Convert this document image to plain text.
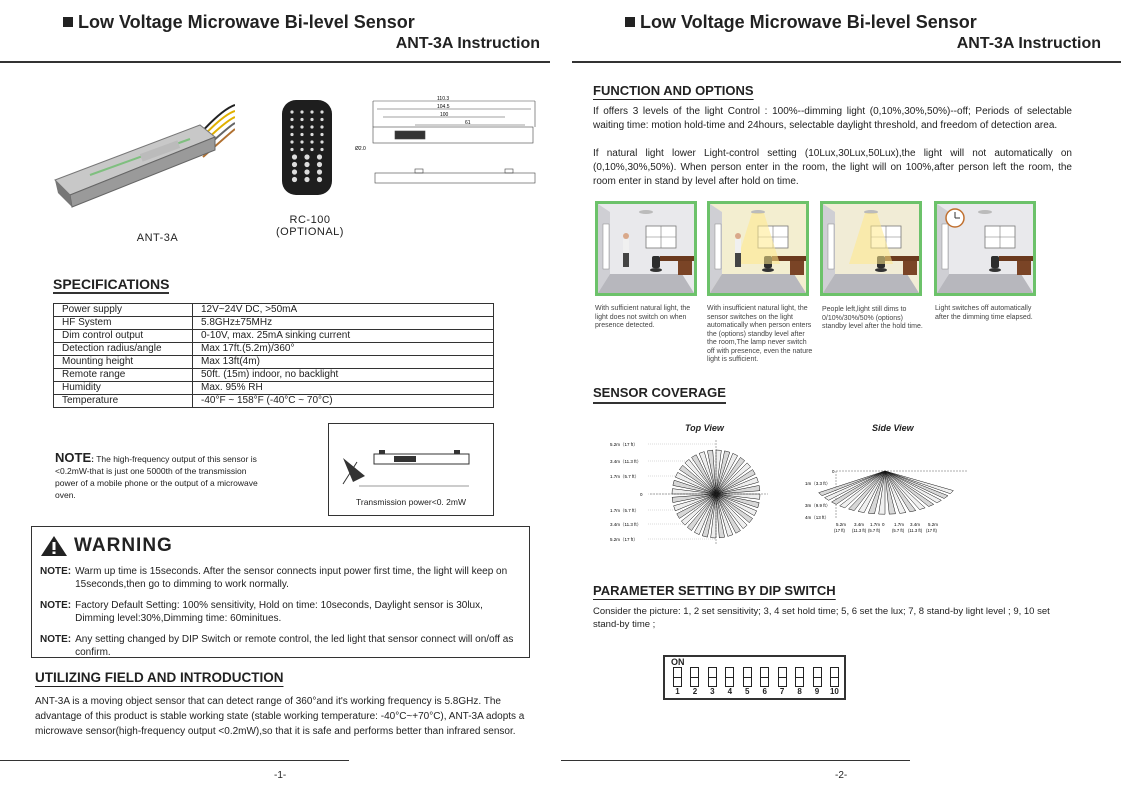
Low Voltage Microwave Bi-level Sensor
ANT-3A Instruction
ANT-3A
RC-100
(OPTIONAL)
110.3
104.5
100
61
Ø2.0
SPECIFICATIONS
Power supply	12V~24V DC, >50mA
HF System	5.8GHz±75MHz
Dim control output	0-10V, max. 25mA sinking current
Detection radius/angle	Max 17ft.(5.2m)/360°
Mounting height	Max 13ft(4m)
Remote range	50ft. (15m) indoor, no backlight
Humidity	Max. 95% RH
Temperature	-40°F ~ 158°F (-40°C ~ 70°C)
NOTE: The high-frequency output of this sensor is <0.2mW-that is just one 5000th of the transmission power of a mobile phone or the output of a microwave oven.
Transmission power<0. 2mW
WARNING
NOTE: Warm up time is 15seconds. After the sensor connects input power first time, the light will keep on 15seconds,then go to dimming to work normally.
NOTE: Factory Default Setting: 100% sensitivity, Hold on time: 10seconds, Daylight sensor is 30lux, Dimming level:30%,Dimming time: 60minitues.
NOTE: Any setting changed by DIP Switch or remote control, the led light that sensor connect will on/off as confirm.
UTILIZING FIELD AND INTRODUCTION
ANT-3A is a moving object sensor that can detect range of 360°and it's working frequency is 5.8GHz. The advantage of this product is stable working state (stable working temperature: -40°C~+70°C), ANT-3A adopts a microwave sensor(high-frequency output <0.2mW),so that it is safe and performs better than infrared sensor.
-1-
Low Voltage Microwave Bi-level Sensor
ANT-3A Instruction
FUNCTION AND OPTIONS
If offers 3 levels of the light Control : 100%--dimming light (0,10%,30%,50%)--off; Periods of selectable waiting time: motion hold-time and 24hours, selectable daylight threshold, and freedom of detection area.
If natural light lower Light-control setting (10Lux,30Lux,50Lux),the light will not automatically on (0,10%,30%,50%). When person enter in the room, the light will on 100%,after person left the room, the room enter in stand by level after hold on time.
With sufficient natural light, the light does not switch on when presence detected.
With insufficient natural light, the sensor switches on the light automatically when person enters the (options) standby level after the room,The lamp never switch off with presence, even the nature light is sufficient.
People left,light still dims to 0/10%/30%/50% (options) standby level after the hold time.
Light switches off automatically after the dimming time elapsed.
SENSOR COVERAGE
Top View	Side View
5.2m（17 ft）
3.4m（11.3 ft）
1.7m（5.7 ft）
0
1.7m（5.7 ft）
3.4m（11.3 ft）
5.2m（17 ft）
0
1m（3.3 ft）
3m（9.9 ft）
4m（13 ft）
5.2m
(17 ft)
3.4m
(11.3 ft)
1.7m
(5.7 ft)
0 1.7m
(5.7 ft)
3.4m
(11.3 ft)
5.2m
(17 ft)
PARAMETER SETTING BY DIP SWITCH
Consider the picture: 1, 2 set sensitivity; 3, 4 set hold time; 5, 6 set the lux; 7, 8 stand-by light level ; 9, 10 set stand-by time ;
ON
1 2 3 4 5 6 7 8 9 10
-2-
